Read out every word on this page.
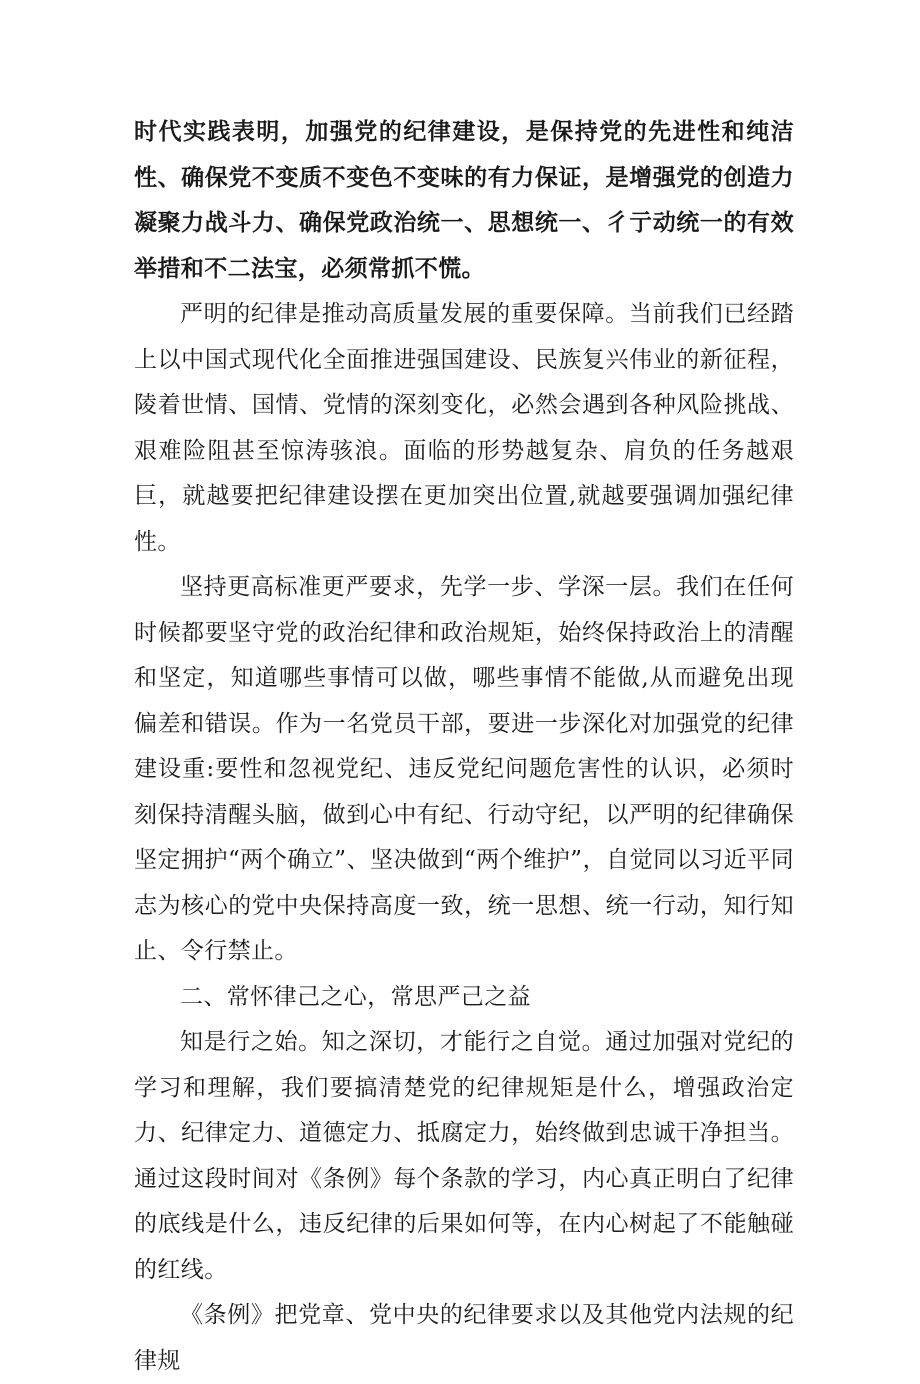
时代实践表明，加强党的纪律建设，是保持党的先进性和纯洁性、确保党不变质不变色不变味的有力保证，是增强党的创造力凝聚力战斗力、确保党政治统一、思想统一、彳亍动统一的有效举措和不二法宝，必须常抓不慌。

严明的纪律是推动高质量发展的重要保障。当前我们已经踏上以中国式现代化全面推进强国建设、民族复兴伟业的新征程，陵着世情、国情、党情的深刻变化，必然会遇到各种风险挑战、艰难险阻甚至惊涛骇浪。面临的形势越复杂、肩负的任务越艰巨，就越要把纪律建设摆在更加突出位置,就越要强调加强纪律性。

坚持更高标准更严要求，先学一步、学深一层。我们在任何时候都要坚守党的政治纪律和政治规矩，始终保持政治上的清醒和坚定，知道哪些事情可以做，哪些事情不能做,从而避免出现偏差和错误。作为一名党员干部，要进一步深化对加强党的纪律建设重:要性和忽视党纪、违反党纪问题危害性的认识，必须时刻保持清醒头脑，做到心中有纪、行动守纪，以严明的纪律确保坚定拥护“两个确立”、坚决做到“两个维护”，自觉同以习近平同志为核心的党中央保持高度一致，统一思想、统一行动，知行知止、令行禁止。

二、常怀律己之心，常思严己之益

知是行之始。知之深切，才能行之自觉。通过加强对党纪的学习和理解，我们要搞清楚党的纪律规矩是什么，增强政治定力、纪律定力、道德定力、抵腐定力，始终做到忠诚干净担当。通过这段时间对《条例》每个条款的学习，内心真正明白了纪律的底线是什么，违反纪律的后果如何等，在内心树起了不能触碰的红线。

《条例》把党章、党中央的纪律要求以及其他党内法规的纪律规
